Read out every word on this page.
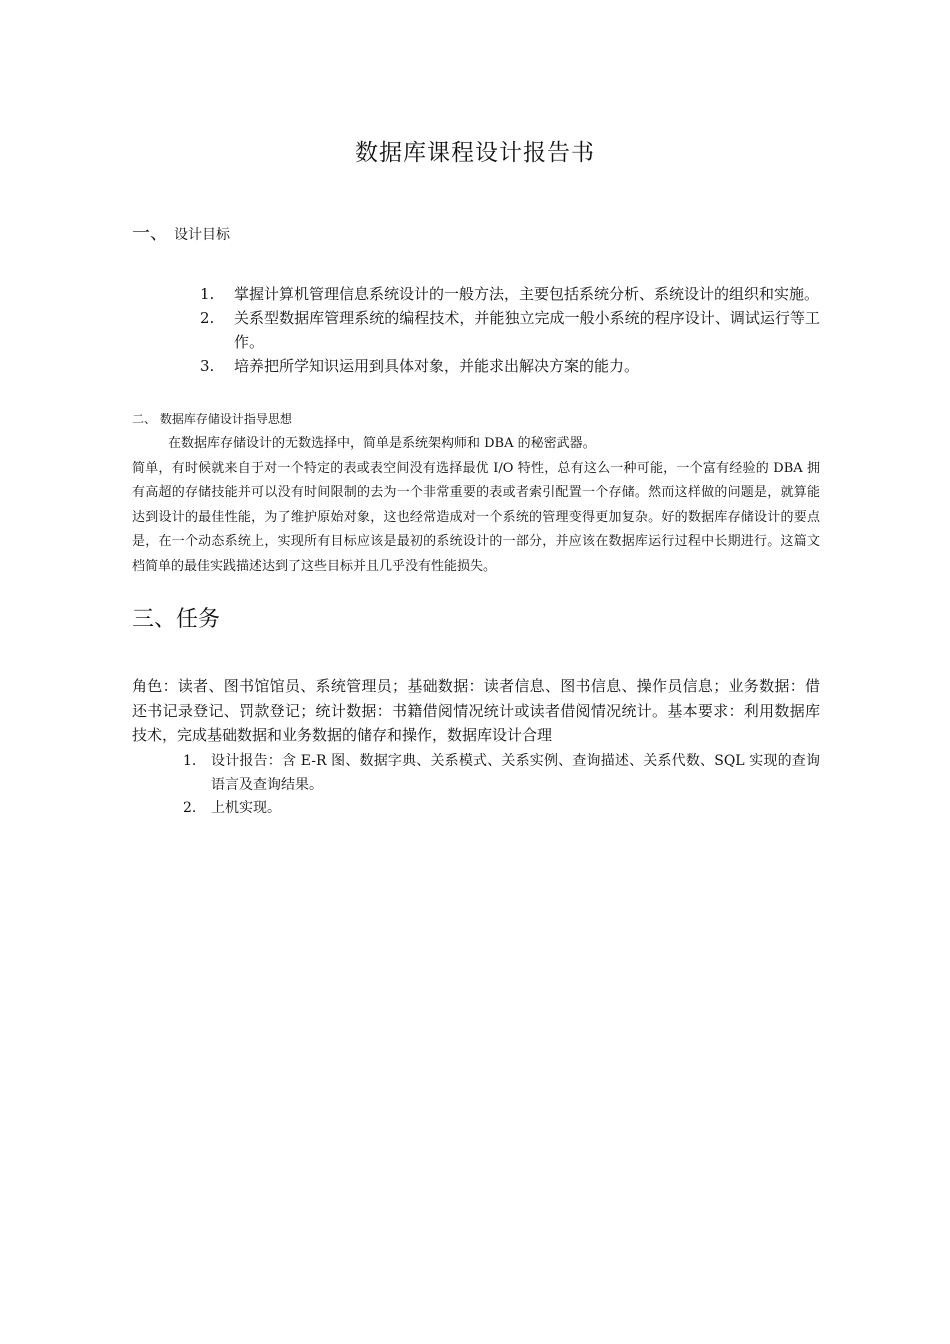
数据库课程设计报告书
一、 设计目标
1. 掌握计算机管理信息系统设计的一般方法，主要包括系统分析、系统设计的组织和实施。
2. 关系型数据库管理系统的编程技术，并能独立完成一般小系统的程序设计、调试运行等工作。
3. 培养把所学知识运用到具体对象，并能求出解决方案的能力。
二、 数据库存储设计指导思想
在数据库存储设计的无数选择中，简单是系统架构师和 DBA 的秘密武器。
简单，有时候就来自于对一个特定的表或表空间没有选择最优 I/O 特性，总有这么一种可能，一个富有经验的 DBA 拥有高超的存储技能并可以没有时间限制的去为一个非常重要的表或者索引配置一个存储。然而这样做的问题是，就算能达到设计的最佳性能，为了维护原始对象，这也经常造成对一个系统的管理变得更加复杂。好的数据库存储设计的要点是，在一个动态系统上，实现所有目标应该是最初的系统设计的一部分，并应该在数据库运行过程中长期进行。这篇文档简单的最佳实践描述达到了这些目标并且几乎没有性能损失。
三、任务
角色：读者、图书馆馆员、系统管理员；基础数据：读者信息、图书信息、操作员信息；业务数据：借还书记录登记、罚款登记；统计数据：书籍借阅情况统计或读者借阅情况统计。基本要求：利用数据库技术，完成基础数据和业务数据的储存和操作，数据库设计合理
1. 设计报告：含 E-R 图、数据字典、关系模式、关系实例、查询描述、关系代数、SQL 实现的查询语言及查询结果。
2. 上机实现。
